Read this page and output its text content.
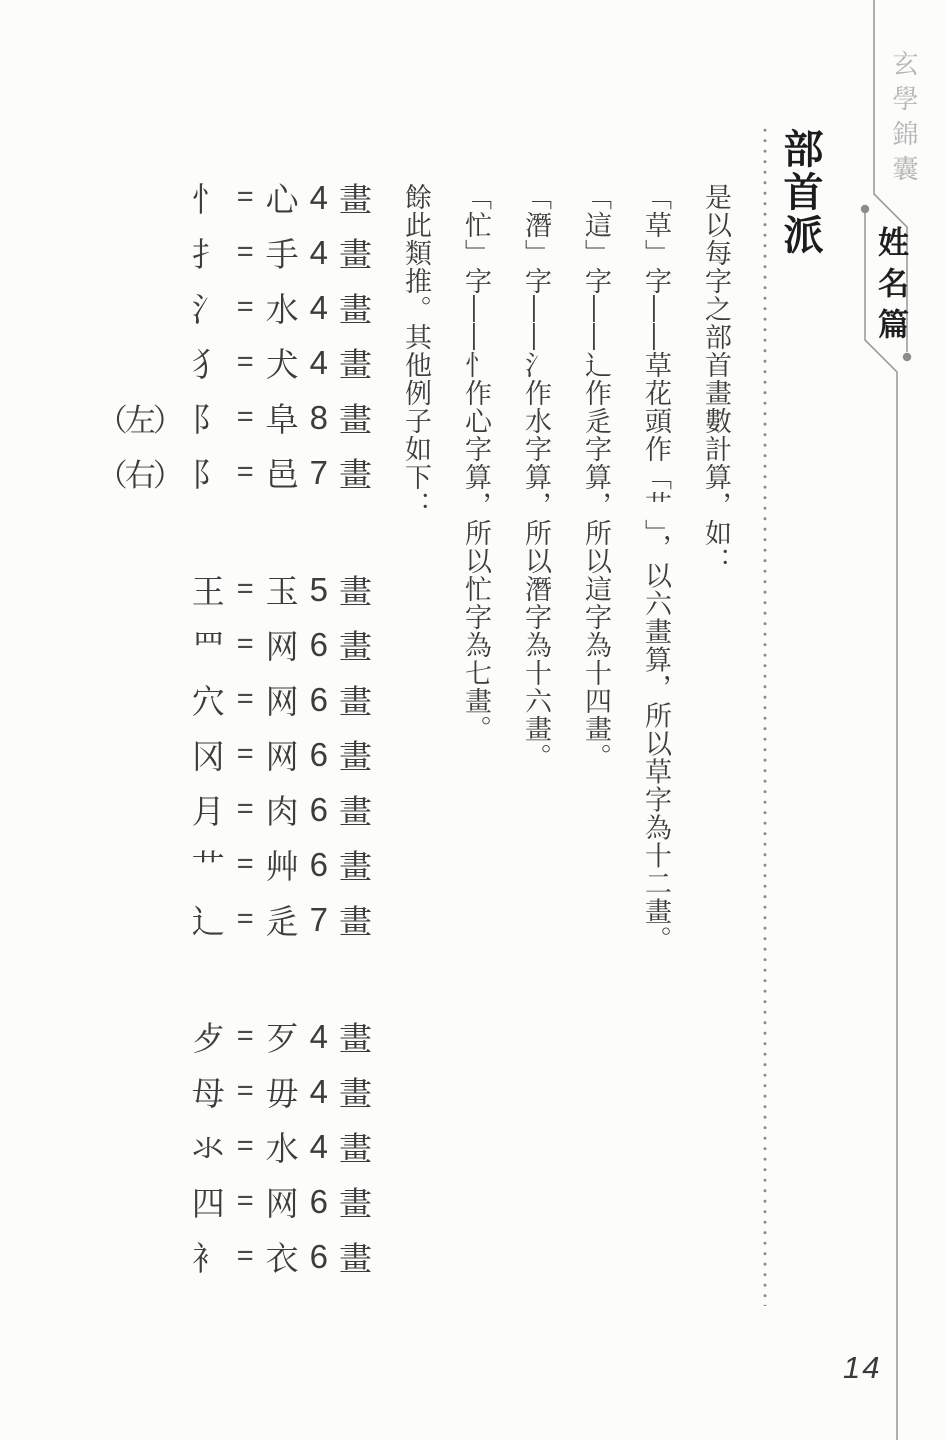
玄學錦囊
姓名篇
部首派
是以每字之部首畫數計算，如：
「草」字——草花頭作「艹」，以六畫算，所以草字為十二畫。
「這」字——辶作辵字算，所以這字為十四畫。
「潛」字——氵作水字算，所以潛字為十六畫。
「忙」字——忄作心字算，所以忙字為七畫。
餘此類推。其他例子如下：
忄 = 心 4 畫
扌 = 手 4 畫
氵 = 水 4 畫
犭 = 犬 4 畫
（左） 阝 = 阜 8 畫
（右） 阝 = 邑 7 畫
王 = 玉 5 畫
罒 = 网 6 畫
穴 = 网 6 畫
冈 = 网 6 畫
月 = 肉 6 畫
艹 = 艸 6 畫
辶 = 辵 7 畫
歺 = 歹 4 畫
母 = 毋 4 畫
氺 = 水 4 畫
四 = 网 6 畫
衤 = 衣 6 畫
14
